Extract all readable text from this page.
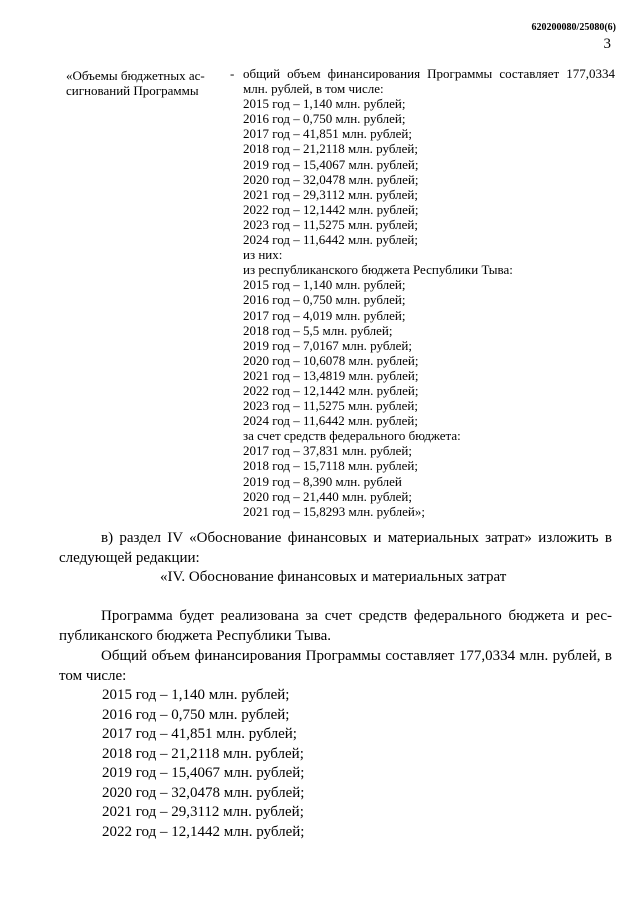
620200080/25080(6)
3
«Объемы бюджетных ас-
сигнований Программы
- общий объем финансирования Программы составляет 177,0334
млн. рублей, в том числе:
2015 год – 1,140 млн. рублей;
2016 год – 0,750 млн. рублей;
2017 год – 41,851 млн. рублей;
2018 год – 21,2118 млн. рублей;
2019 год – 15,4067 млн. рублей;
2020 год – 32,0478 млн. рублей;
2021 год – 29,3112 млн. рублей;
2022 год – 12,1442 млн. рублей;
2023 год – 11,5275 млн. рублей;
2024 год – 11,6442 млн. рублей;
из них:
из республиканского бюджета Республики Тыва:
2015 год – 1,140 млн. рублей;
2016 год – 0,750 млн. рублей;
2017 год – 4,019 млн. рублей;
2018 год – 5,5 млн. рублей;
2019 год – 7,0167 млн. рублей;
2020 год – 10,6078 млн. рублей;
2021 год – 13,4819 млн. рублей;
2022 год – 12,1442 млн. рублей;
2023 год – 11,5275 млн. рублей;
2024 год – 11,6442 млн. рублей;
за счет средств федерального бюджета:
2017 год – 37,831 млн. рублей;
2018 год – 15,7118 млн. рублей;
2019 год – 8,390 млн. рублей
2020 год – 21,440 млн. рублей;
2021 год – 15,8293 млн. рублей»;
в) раздел IV «Обоснование финансовых и материальных затрат» изложить в следующей редакции:
«IV. Обоснование финансовых и материальных затрат
Программа будет реализована за счет средств федерального бюджета и рес-публиканского бюджета Республики Тыва.
Общий объем финансирования Программы составляет 177,0334 млн. рублей, в том числе:
2015 год – 1,140 млн. рублей;
2016 год – 0,750 млн. рублей;
2017 год – 41,851 млн. рублей;
2018 год – 21,2118 млн. рублей;
2019 год – 15,4067 млн. рублей;
2020 год – 32,0478 млн. рублей;
2021 год – 29,3112 млн. рублей;
2022 год – 12,1442 млн. рублей;
